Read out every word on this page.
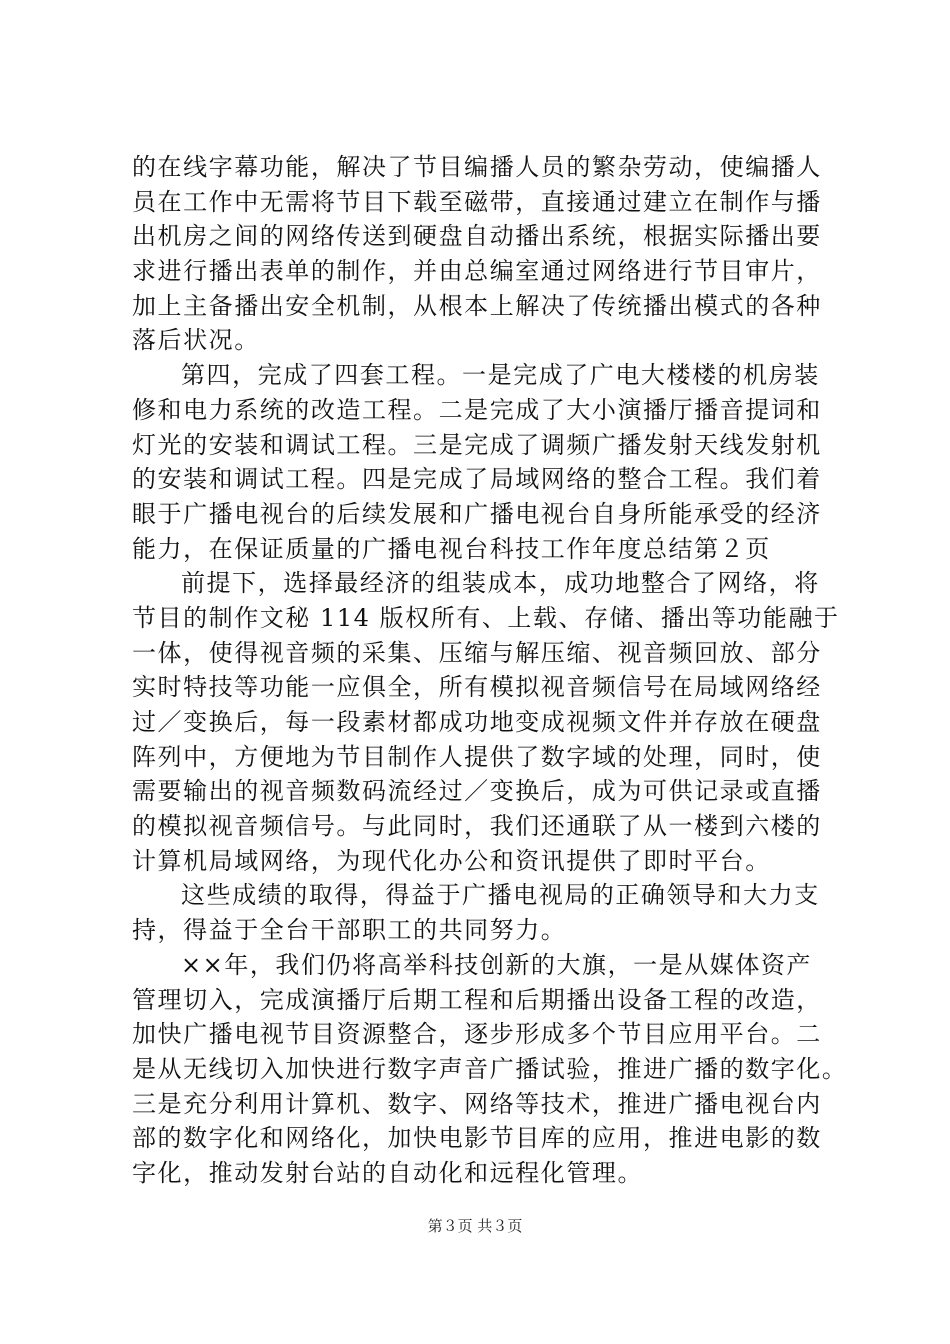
的在线字幕功能，解决了节目编播人员的繁杂劳动，使编播人
员在工作中无需将节目下载至磁带，直接通过建立在制作与播
出机房之间的网络传送到硬盘自动播出系统，根据实际播出要
求进行播出表单的制作，并由总编室通过网络进行节目审片，
加上主备播出安全机制，从根本上解决了传统播出模式的各种
落后状况。
第四，完成了四套工程。一是完成了广电大楼楼的机房装
修和电力系统的改造工程。二是完成了大小演播厅播音提词和
灯光的安装和调试工程。三是完成了调频广播发射天线发射机
的安装和调试工程。四是完成了局域网络的整合工程。我们着
眼于广播电视台的后续发展和广播电视台自身所能承受的经济
能力，在保证质量的广播电视台科技工作年度总结第２页
前提下，选择最经济的组装成本，成功地整合了网络，将
节目的制作文秘 114 版权所有、上载、存储、播出等功能融于
一体，使得视音频的采集、压缩与解压缩、视音频回放、部分
实时特技等功能一应俱全，所有模拟视音频信号在局域网络经
过／变换后，每一段素材都成功地变成视频文件并存放在硬盘
阵列中，方便地为节目制作人提供了数字域的处理，同时，使
需要输出的视音频数码流经过／变换后，成为可供记录或直播
的模拟视音频信号。与此同时，我们还通联了从一楼到六楼的
计算机局域网络，为现代化办公和资讯提供了即时平台。
这些成绩的取得，得益于广播电视局的正确领导和大力支
持，得益于全台干部职工的共同努力。
××年，我们仍将高举科技创新的大旗，一是从媒体资产
管理切入，完成演播厅后期工程和后期播出设备工程的改造，
加快广播电视节目资源整合，逐步形成多个节目应用平台。二
是从无线切入加快进行数字声音广播试验，推进广播的数字化。
三是充分利用计算机、数字、网络等技术，推进广播电视台内
部的数字化和网络化，加快电影节目库的应用，推进电影的数
字化，推动发射台站的自动化和远程化管理。
第３页 共３页
